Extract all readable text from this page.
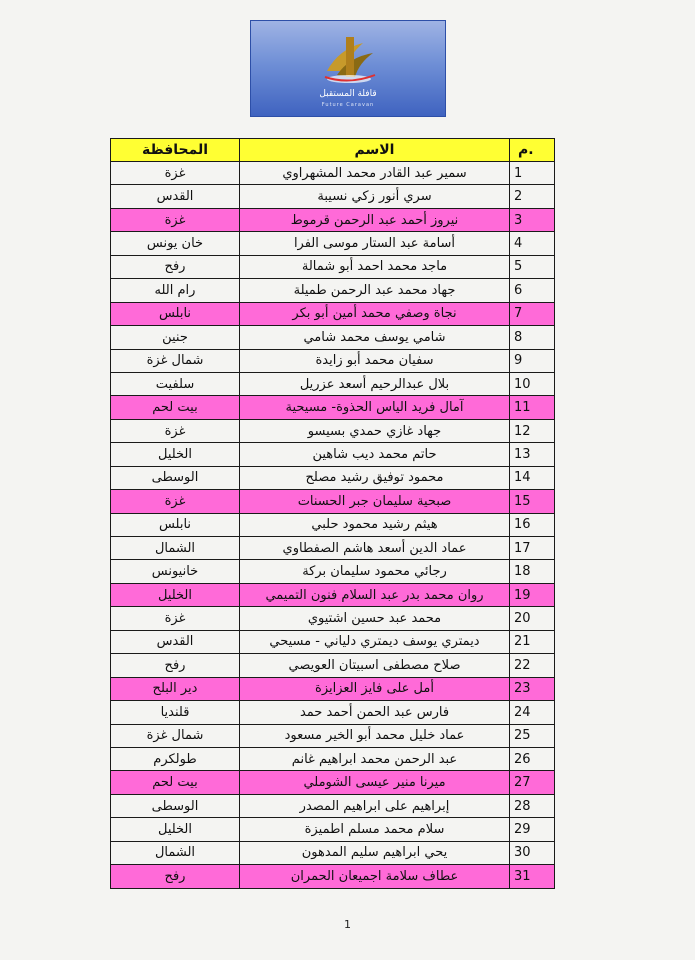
قافلة المستقبل
Future Caravan
م.	الاسم	المحافظة
1	سمير عبد القادر محمد المشهراوي	غزة
2	سري أنور زكي نسيبة	القدس
3	نيروز أحمد عبد الرحمن قرموط	غزة
4	أسامة عبد الستار موسى الفرا	خان يونس
5	ماجد محمد احمد أبو شمالة	رفح
6	جهاد محمد عبد الرحمن طميلة	رام الله
7	نجاة وصفي محمد أمين أبو بكر	نابلس
8	شامي يوسف محمد شامي	جنين
9	سفيان محمد أبو زايدة	شمال غزة
10	بلال عبدالرحيم أسعد عزريل	سلفيت
11	آمال فريد الياس الحذوة- مسيحية	بيت لحم
12	جهاد غازي حمدي بسيسو	غزة
13	حاتم محمد ديب شاهين	الخليل
14	محمود توفيق رشيد مصلح	الوسطى
15	صبحية سليمان جبر الحسنات	غزة
16	هيثم رشيد محمود حلبي	نابلس
17	عماد الدين أسعد هاشم الصفطاوي	الشمال
18	رجائي محمود سليمان بركة	خانيونس
19	روان محمد بدر عبد السلام فنون التميمي	الخليل
20	محمد عبد حسين اشتيوي	غزة
21	ديمتري يوسف ديمتري دلياني - مسيحي	القدس
22	صلاح مصطفى اسبيتان العويصي	رفح
23	أمل على فايز العزايزة	دير البلح
24	فارس عبد الحمن أحمد حمد	قلنديا
25	عماد خليل محمد أبو الخير مسعود	شمال غزة
26	عبد الرحمن محمد ابراهيم غانم	طولكرم
27	ميرنا منير عيسى الشوملي	بيت لحم
28	إبراهيم على ابراهيم المصدر	الوسطى
29	سلام محمد مسلم اطميزة	الخليل
30	يحي ابراهيم سليم المدهون	الشمال
31	عطاف سلامة اجميعان الحمران	رفح
1
